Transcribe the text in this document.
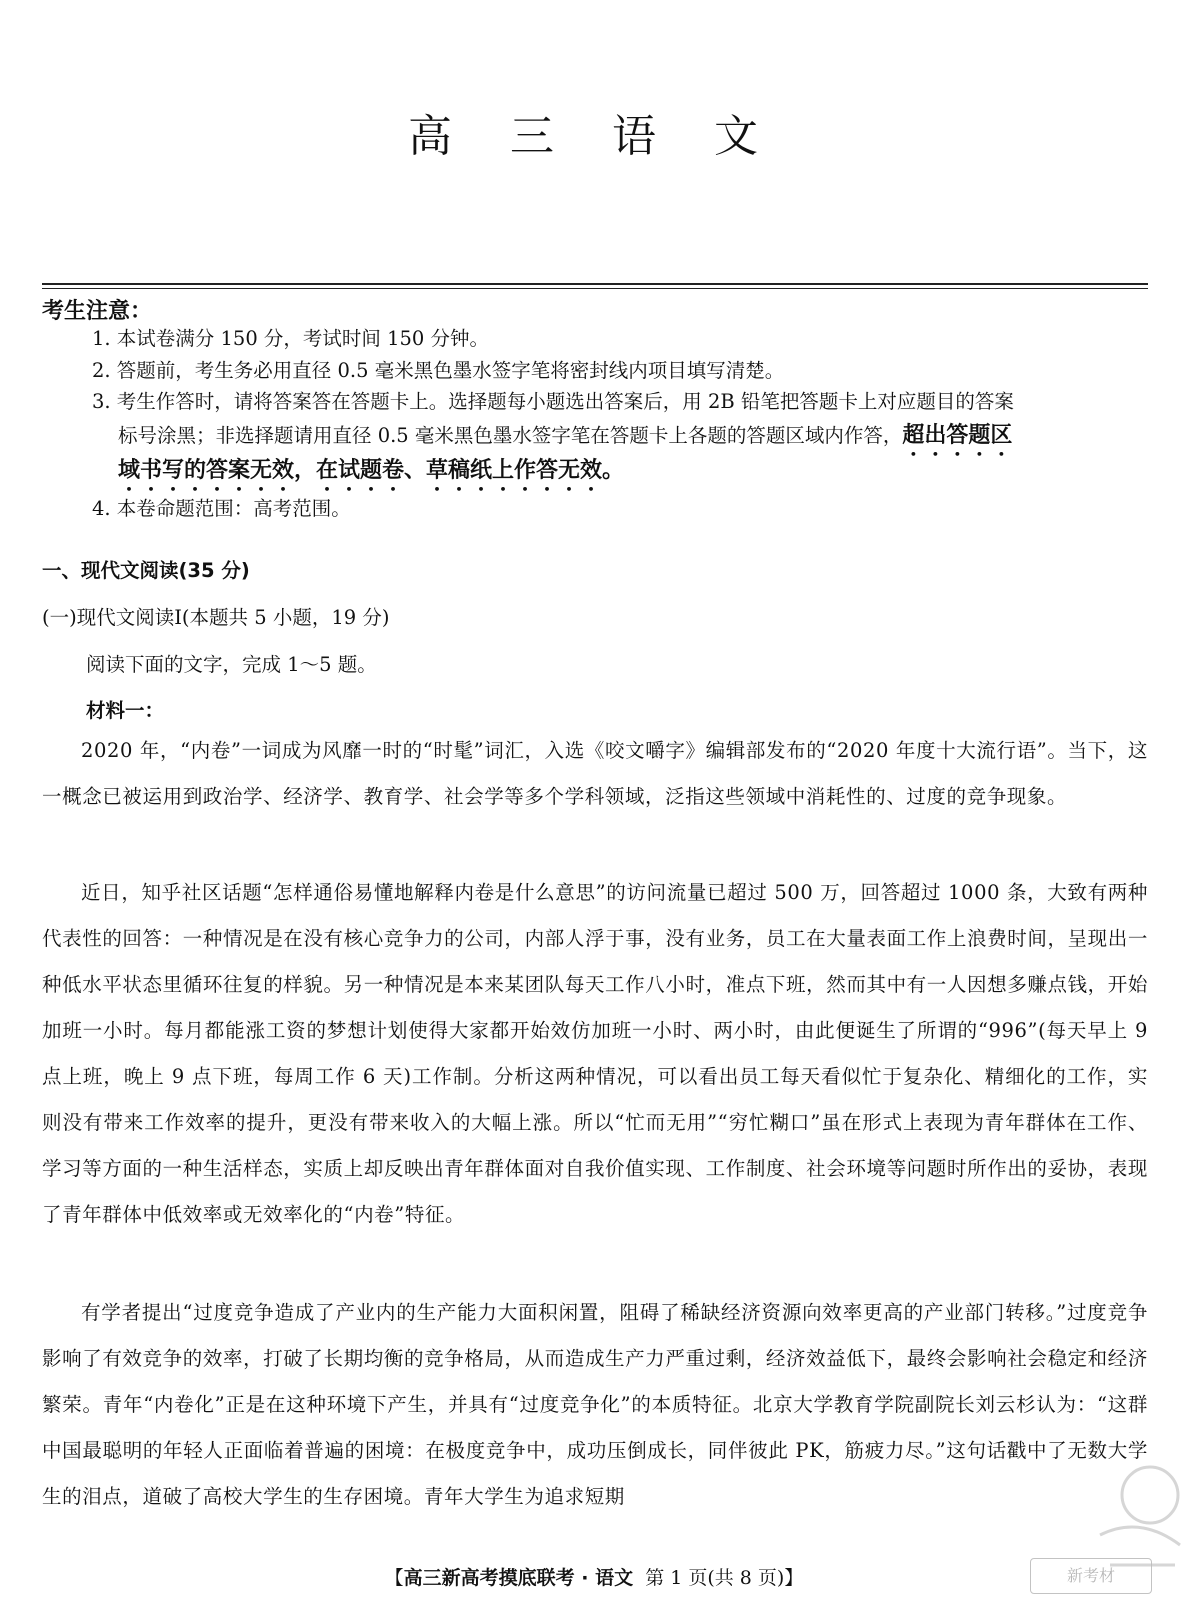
高 三 语 文
考生注意：
1. 本试卷满分 150 分，考试时间 150 分钟。
2. 答题前，考生务必用直径 0.5 毫米黑色墨水签字笔将密封线内项目填写清楚。
3. 考生作答时，请将答案答在答题卡上。选择题每小题选出答案后，用 2B 铅笔把答题卡上对应题目的答案
标号涂黑；非选择题请用直径 0.5 毫米黑色墨水签字笔在答题卡上各题的答题区域内作答，超出答题区
域书写的答案无效，在试题卷、草稿纸上作答无效。
4. 本卷命题范围：高考范围。
一、现代文阅读(35 分)
(一)现代文阅读Ⅰ(本题共 5 小题，19 分)
阅读下面的文字，完成 1～5 题。
材料一：

2020 年，“内卷”一词成为风靡一时的“时髦”词汇，入选《咬文嚼字》编辑部发布的“2020 年度十大流行语”。当下，这一概念已被运用到政治学、经济学、教育学、社会学等多个学科领域，泛指这些领域中消耗性的、过度的竞争现象。

近日，知乎社区话题“怎样通俗易懂地解释内卷是什么意思”的访问流量已超过 500 万，回答超过 1000 条，大致有两种代表性的回答：一种情况是在没有核心竞争力的公司，内部人浮于事，没有业务，员工在大量表面工作上浪费时间，呈现出一种低水平状态里循环往复的样貌。另一种情况是本来某团队每天工作八小时，准点下班，然而其中有一人因想多赚点钱，开始加班一小时。每月都能涨工资的梦想计划使得大家都开始效仿加班一小时、两小时，由此便诞生了所谓的“996”(每天早上 9 点上班，晚上 9 点下班，每周工作 6 天)工作制。分析这两种情况，可以看出员工每天看似忙于复杂化、精细化的工作，实则没有带来工作效率的提升，更没有带来收入的大幅上涨。所以“忙而无用”“穷忙糊口”虽在形式上表现为青年群体在工作、学习等方面的一种生活样态，实质上却反映出青年群体面对自我价值实现、工作制度、社会环境等问题时所作出的妥协，表现了青年群体中低效率或无效率化的“内卷”特征。

有学者提出“过度竞争造成了产业内的生产能力大面积闲置，阻碍了稀缺经济资源向效率更高的产业部门转移。”过度竞争影响了有效竞争的效率，打破了长期均衡的竞争格局，从而造成生产力严重过剩，经济效益低下，最终会影响社会稳定和经济繁荣。青年“内卷化”正是在这种环境下产生，并具有“过度竞争化”的本质特征。北京大学教育学院副院长刘云杉认为：“这群中国最聪明的年轻人正面临着普遍的困境：在极度竞争中，成功压倒成长，同伴彼此 PK，筋疲力尽。”这句话戳中了无数大学生的泪点，道破了高校大学生的生存困境。青年大学生为追求短期

【高三新高考摸底联考 · 语文 第 1 页(共 8 页)】	新考材
